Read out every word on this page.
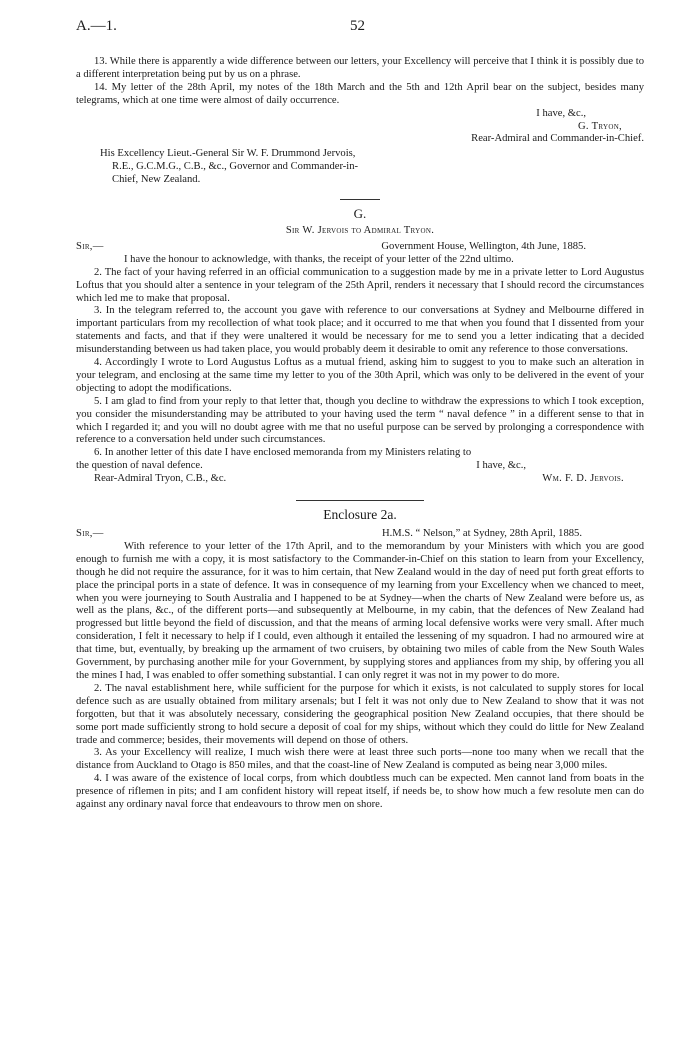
A.—1.	52

13. While there is apparently a wide difference between our letters, your Excellency will perceive that I think it is possibly due to a different interpretation being put by us on a phrase.

14. My letter of the 28th April, my notes of the 18th March and the 5th and 12th April bear on the subject, besides many telegrams, which at one time were almost of daily occurrence.

I have, &c.,

G. Tryon,

Rear-Admiral and Commander-in-Chief.

His Excellency Lieut.-General Sir W. F. Drummond Jervois,

R.E., G.C.M.G., C.B., &c., Governor and Commander-in-

Chief, New Zealand.

G.

Sir W. Jervois to Admiral Tryon.

Sir,—	Government House, Wellington, 4th June, 1885.

I have the honour to acknowledge, with thanks, the receipt of your letter of the 22nd ultimo.

2. The fact of your having referred in an official communication to a suggestion made by me in a private letter to Lord Augustus Loftus that you should alter a sentence in your telegram of the 25th April, renders it necessary that I should record the circumstances which led me to make that proposal.

3. In the telegram referred to, the account you gave with reference to our conversations at Sydney and Melbourne differed in important particulars from my recollection of what took place; and it occurred to me that when you found that I dissented from your statements and facts, and that if they were unaltered it would be necessary for me to send you a letter indicating that a decided misunderstanding between us had taken place, you would probably deem it desirable to omit any reference to those conversations.

4. Accordingly I wrote to Lord Augustus Loftus as a mutual friend, asking him to suggest to you to make such an alteration in your telegram, and enclosing at the same time my letter to you of the 30th April, which was only to be delivered in the event of your objecting to adopt the modifications.

5. I am glad to find from your reply to that letter that, though you decline to withdraw the expressions to which I took exception, you consider the misunderstanding may be attributed to your having used the term “ naval defence ” in a different sense to that in which I regarded it; and you will no doubt agree with me that no useful purpose can be served by prolonging a correspondence with reference to a conversation held under such circumstances.

6. In another letter of this date I have enclosed memoranda from my Ministers relating to

the question of naval defence.	I have, &c.,
Rear-Admiral Tryon, C.B., &c.	Wm. F. D. Jervois.

Enclosure 2a.

Sir,—	H.M.S. “ Nelson,” at Sydney, 28th April, 1885.

With reference to your letter of the 17th April, and to the memorandum by your Ministers with which you are good enough to furnish me with a copy, it is most satisfactory to the Commander-in-Chief on this station to learn from your Excellency, though he did not require the assurance, for it was to him certain, that New Zealand would in the day of need put forth great efforts to place the principal ports in a state of defence. It was in consequence of my learning from your Excellency when we chanced to meet, when you were journeying to South Australia and I happened to be at Sydney—when the charts of New Zealand were before us, as well as the plans, &c., of the different ports—and subsequently at Melbourne, in my cabin, that the defences of New Zealand had progressed but little beyond the field of discussion, and that the means of arming local defensive works were very small. After much consideration, I felt it necessary to help if I could, even although it entailed the lessening of my squadron. I had no armoured wire at that time, but, eventually, by breaking up the armament of two cruisers, by obtaining two miles of cable from the New South Wales Government, by purchasing another mile for your Government, by supplying stores and appliances from my ship, by offering you all the mines I had, I was enabled to offer something substantial. I can only regret it was not in my power to do more.

2. The naval establishment here, while sufficient for the purpose for which it exists, is not calculated to supply stores for local defence such as are usually obtained from military arsenals; but I felt it was not only due to New Zealand to show that it was not forgotten, but that it was absolutely necessary, considering the geographical position New Zealand occupies, that there should be some port made sufficiently strong to hold secure a deposit of coal for my ships, without which they could do little for New Zealand trade and commerce; besides, their movements will depend on those of others.

3. As your Excellency will realize, I much wish there were at least three such ports—none too many when we recall that the distance from Auckland to Otago is 850 miles, and that the coast-line of New Zealand is computed as being near 3,000 miles.

4. I was aware of the existence of local corps, from which doubtless much can be expected. Men cannot land from boats in the presence of riflemen in pits; and I am confident history will repeat itself, if needs be, to show how much a few resolute men can do against any ordinary naval force that endeavours to throw men on shore.
